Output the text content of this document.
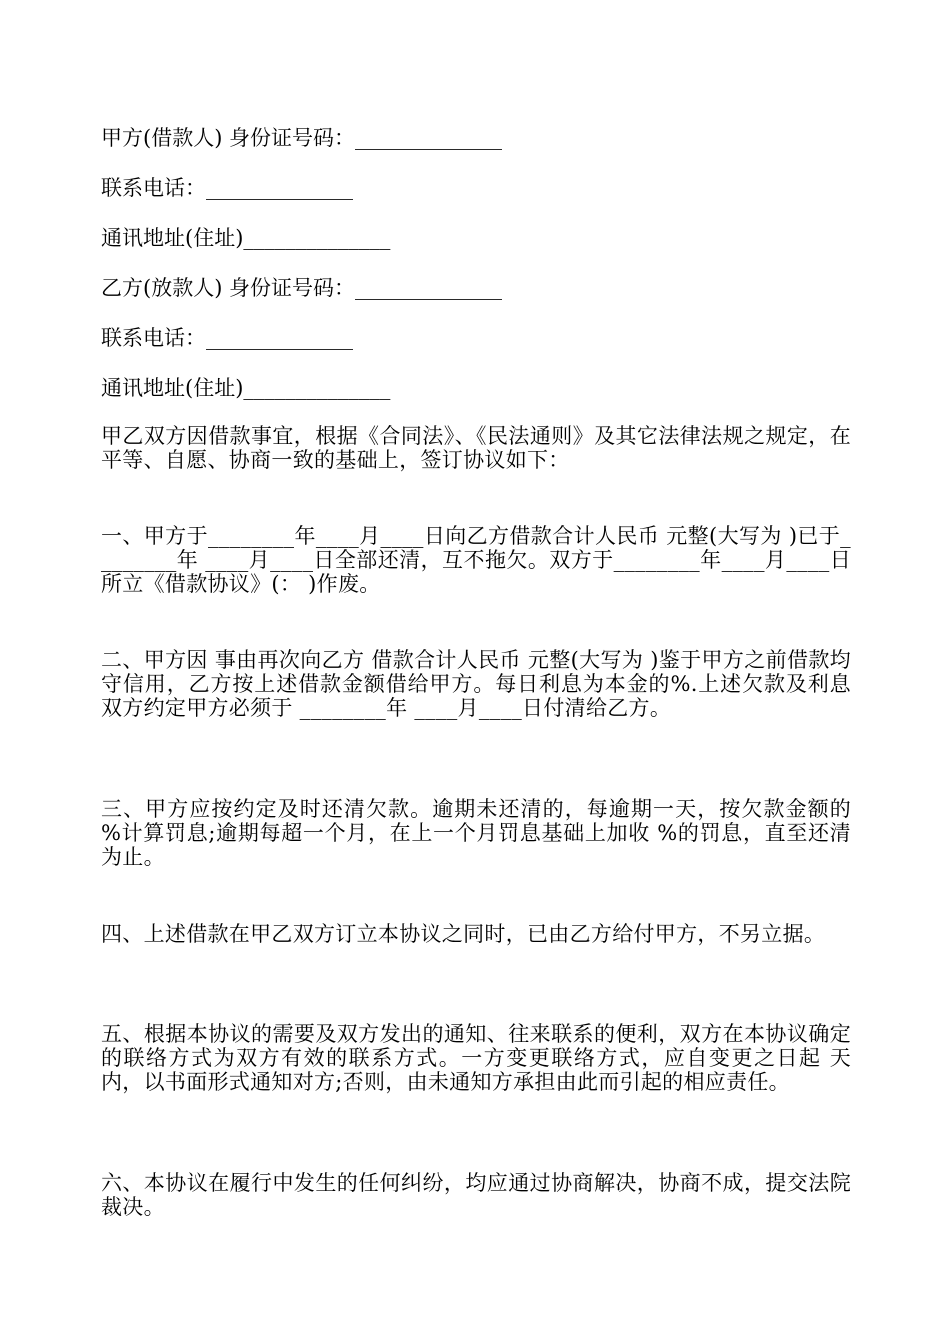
甲方(借款人) 身份证号码：______________

联系电话：______________

通讯地址(住址)______________

乙方(放款人) 身份证号码：______________

联系电话：______________

通讯地址(住址)______________

甲乙双方因借款事宜，根据《合同法》、《民法通则》及其它法律法规之规定，在平等、自愿、协商一致的基础上，签订协议如下：

一、甲方于________年____月____日向乙方借款合计人民币 元整(大写为 )已于________年 ____月____日全部还清，互不拖欠。双方于________年____月____日所立《借款协议》(： )作废。

二、甲方因 事由再次向乙方 借款合计人民币 元整(大写为 )鉴于甲方之前借款均守信用，乙方按上述借款金额借给甲方。每日利息为本金的%.上述欠款及利息双方约定甲方必须于 ________年 ____月____日付清给乙方。

三、甲方应按约定及时还清欠款。逾期未还清的，每逾期一天，按欠款金额的 %计算罚息;逾期每超一个月，在上一个月罚息基础上加收 %的罚息，直至还清为止。

四、上述借款在甲乙双方订立本协议之同时，已由乙方给付甲方，不另立据。

五、根据本协议的需要及双方发出的通知、往来联系的便利，双方在本协议确定的联络方式为双方有效的联系方式。一方变更联络方式，应自变更之日起 天内，以书面形式通知对方;否则，由未通知方承担由此而引起的相应责任。

六、本协议在履行中发生的任何纠纷，均应通过协商解决，协商不成，提交法院裁决。
